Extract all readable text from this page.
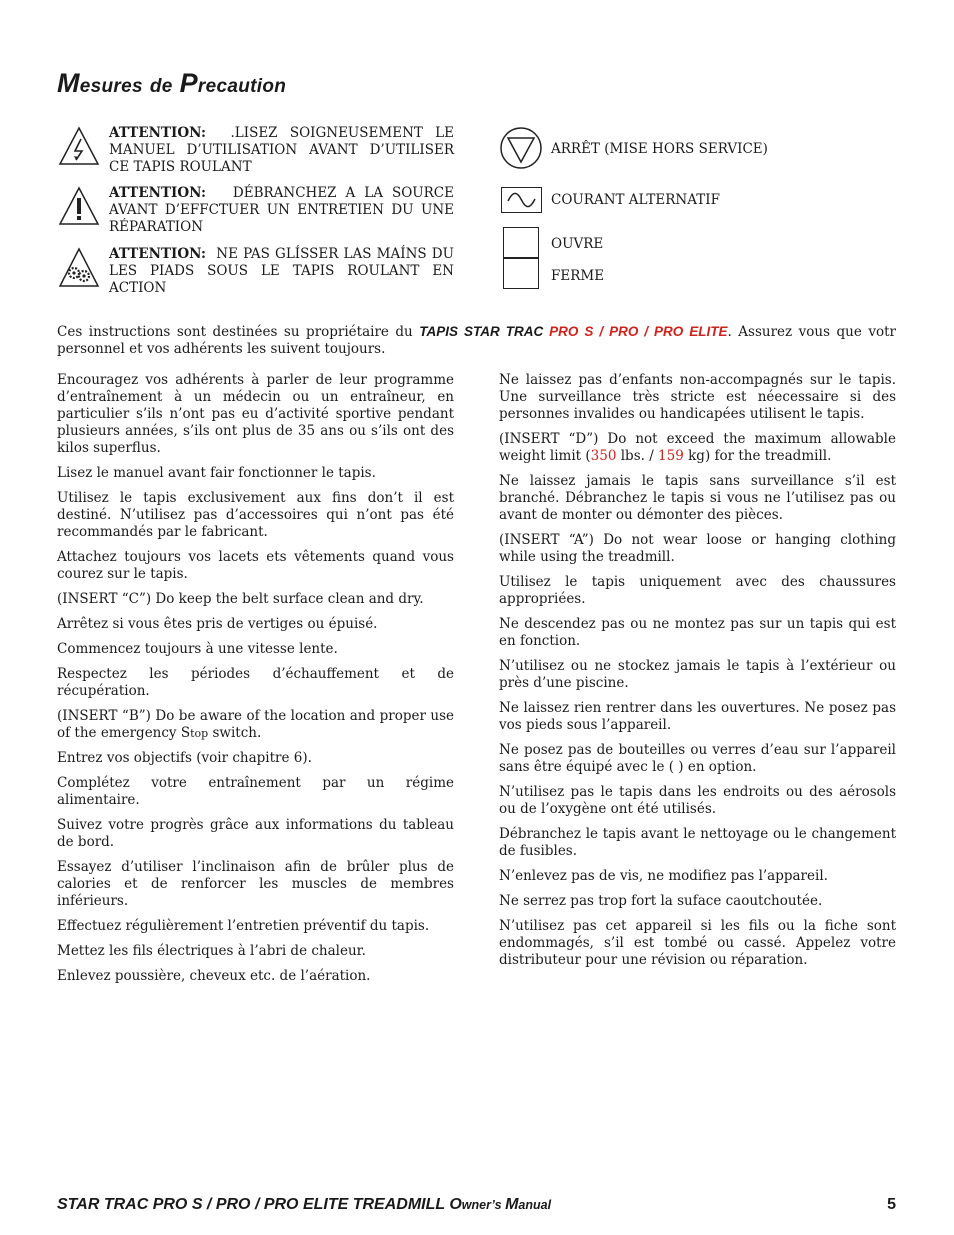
Mesures de Precaution
ATTENTION: .LISEZ SOIGNEUSEMENT LE MANUEL D’UTILISATION AVANT D’UTILISER CE TAPIS ROULANT
ATTENTION: DÉBRANCHEZ A LA SOURCE AVANT D’EFFCTUER UN ENTRETIEN DU UNE RÉPARATION
ATTENTION: NE PAS GLÍSSER LAS MAÍNS DU LES PIADS SOUS LE TAPIS ROULANT EN ACTION
ARRÊT (MISE HORS SERVICE)
COURANT ALTERNATIF
OUVRE
FERME

Ces instructions sont destinées su propriétaire du TAPIS STAR TRAC PRO S / PRO / PRO ELITE. Assurez vous que votr personnel et vos adhérents les suivent toujours.

Encouragez vos adhérents à parler de leur programme d’entraînement à un médecin ou un entraîneur, en particulier s’ils n’ont pas eu d’activité sportive pendant plusieurs années, s’ils ont plus de 35 ans ou s’ils ont des kilos superflus.

Lisez le manuel avant fair fonctionner le tapis.

Utilisez le tapis exclusivement aux fins don’t il est destiné. N’utilisez pas d’accessoires qui n’ont pas été recommandés par le fabricant.

Attachez toujours vos lacets ets vêtements quand vous courez sur le tapis.

(INSERT “C”) Do keep the belt surface clean and dry.

Arrêtez si vous êtes pris de vertiges ou épuisé.

Commencez toujours à une vitesse lente.

Respectez les périodes d’échauffement et de récupération.

(INSERT “B”) Do be aware of the location and proper use of the emergency Stop switch.

Entrez vos objectifs (voir chapitre 6).

Complétez votre entraînement par un régime alimentaire.

Suivez votre progrès grâce aux informations du tableau de bord.

Essayez d’utiliser l’inclinaison afin de brûler plus de calories et de renforcer les muscles de membres inférieurs.

Effectuez régulièrement l’entretien préventif du tapis.

Mettez les fils électriques à l’abri de chaleur.

Enlevez poussière, cheveux etc. de l’aération.

Ne laissez pas d’enfants non-accompagnés sur le tapis. Une surveillance très stricte est néecessaire si des personnes invalides ou handicapées utilisent le tapis.

(INSERT “D”) Do not exceed the maximum allowable weight limit (350 lbs. / 159 kg) for the treadmill.

Ne laissez jamais le tapis sans surveillance s’il est branché. Débranchez le tapis si vous ne l’utilisez pas ou avant de monter ou démonter des pièces.

(INSERT “A”) Do not wear loose or hanging clothing while using the treadmill.

Utilisez le tapis uniquement avec des chaussures appropriées.

Ne descendez pas ou ne montez pas sur un tapis qui est en fonction.

N’utilisez ou ne stockez jamais le tapis à l’extérieur ou près d’une piscine.

Ne laissez rien rentrer dans les ouvertures. Ne posez pas vos pieds sous l’appareil.

Ne posez pas de bouteilles ou verres d’eau sur l’appareil sans être équipé avec le ( ) en option.

N’utilisez pas le tapis dans les endroits ou des aérosols ou de l’oxygène ont été utilisés.

Débranchez le tapis avant le nettoyage ou le changement de fusibles.

N’enlevez pas de vis, ne modifiez pas l’appareil.

Ne serrez pas trop fort la suface caoutchoutée.

N’utilisez pas cet appareil si les fils ou la fiche sont endommagés, s’il est tombé ou cassé. Appelez votre distributeur pour une révision ou réparation.

STAR TRAC PRO S / PRO / PRO ELITE TREADMILL Owner’s Manual	5
